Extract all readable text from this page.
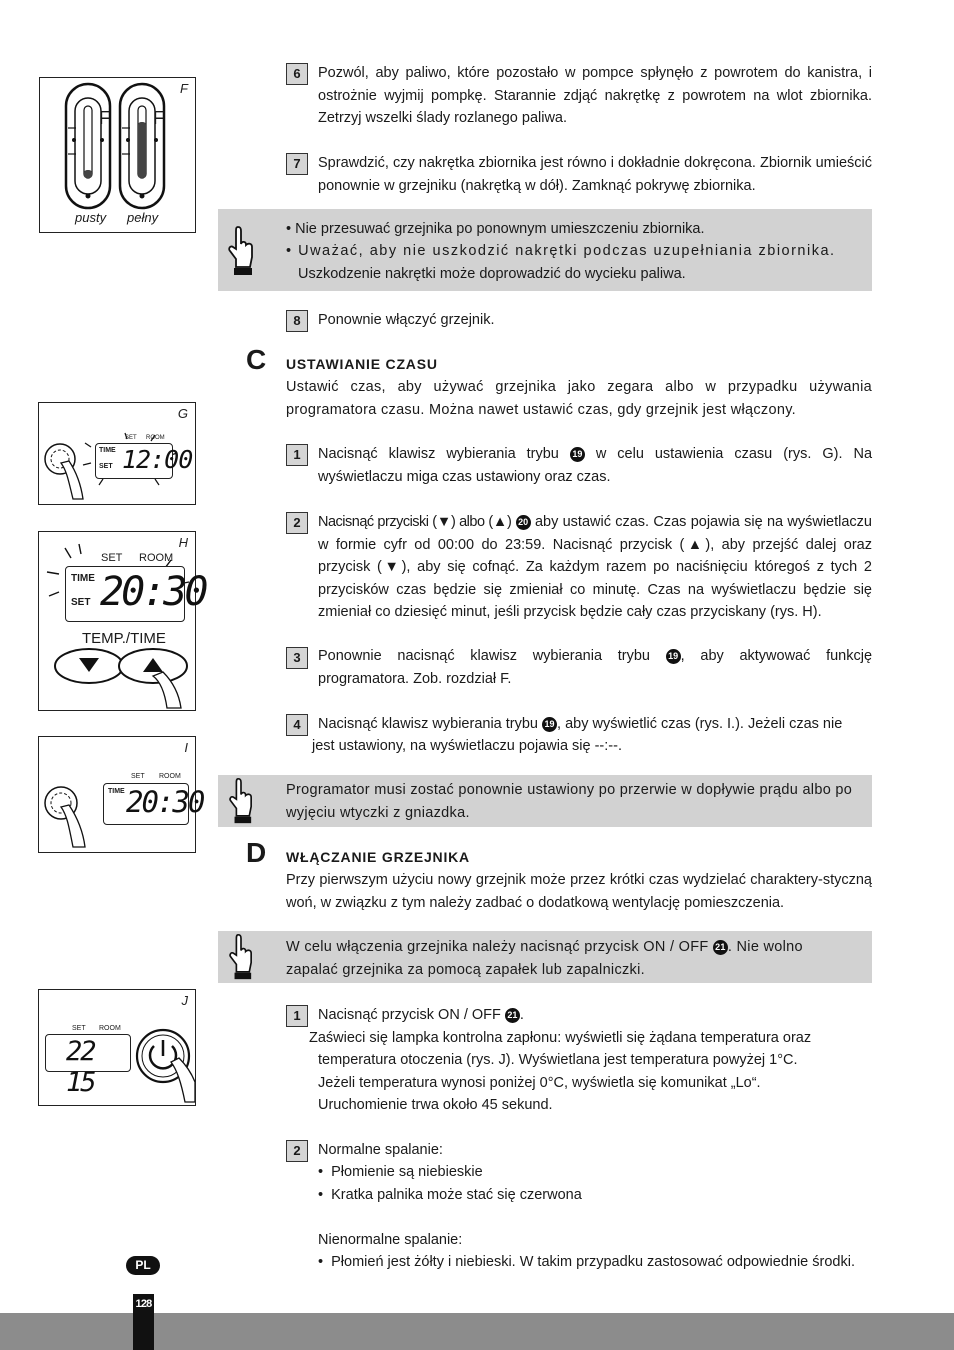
F
F F
pusty pełny
G
TIME
SET 12:00
SET ROOM
H
SET ROOM
TIME
SET 20:30
TEMP./TIME
I
SET ROOM
TIME 20:30
J
SET ROOM
22 15
6	Pozwól, aby paliwo, które pozostało w pompce spłynęło z powrotem do kanistra, i ostrożnie wyjmij pompkę. Starannie zdjąć nakrętkę z powrotem na wlot zbiornika. Zetrzyj wszelki ślady rozlanego paliwa.
7	Sprawdzić, czy nakrętka zbiornika jest równo i dokładnie dokręcona. Zbiornik umieścić ponownie w grzejniku (nakrętką w dół). Zamknąć pokrywę zbiornika.
• Nie przesuwać grzejnika po ponownym umieszczeniu zbiornika.
• Uważać, aby nie uszkodzić nakrętki podczas uzupełniania zbiornika.
Uszkodzenie nakrętki może doprowadzić do wycieku paliwa.
8	Ponownie włączyć grzejnik.
C USTAWIANIE CZASU
Ustawić czas, aby używać grzejnika jako zegara albo w przypadku używania programatora czasu. Można nawet ustawić czas, gdy grzejnik jest włączony.
1	Nacisnąć klawisz wybierania trybu 19 w celu ustawienia czasu (rys. G). Na wyświetlaczu miga czas ustawiony oraz czas.
2	Nacisnąć przyciski (▼) albo (▲) 20 aby ustawić czas. Czas pojawia się na wyświetlaczu w formie cyfr od 00:00 do 23:59. Nacisnąć przycisk (▲), aby przejść dalej oraz przycisk (▼), aby się cofnąć. Za każdym razem po naciśnięciu któregoś z tych 2 przycisków czas będzie się zmieniał co minutę. Czas na wyświetlaczu będzie się zmieniał co dziesięć minut, jeśli przycisk będzie cały czas przyciskany (rys. H).
3	Ponownie nacisnąć klawisz wybierania trybu 19 , aby aktywować funkcję programatora. Zob. rozdział F.
4	Nacisnąć klawisz wybierania trybu 19 , aby wyświetlić czas (rys. I.). Jeżeli czas nie
jest ustawiony, na wyświetlaczu pojawia się --:--.
Programator musi zostać ponownie ustawiony po przerwie w dopływie prądu albo po wyjęciu wtyczki z gniazdka.
D WŁĄCZANIE GRZEJNIKA
Przy pierwszym użyciu nowy grzejnik może przez krótki czas wydzielać charaktery-styczną woń, w związku z tym należy zadbać o dodatkową wentylację pomieszczenia.
W celu włączenia grzejnika należy nacisnąć przycisk ON / OFF 21 . Nie wolno zapalać grzejnika za pomocą zapałek lub zapalniczki.
1	Nacisnąć przycisk ON / OFF 21 .
Zaświeci się lampka kontrolna zapłonu: wyświetli się żądana temperatura oraz
temperatura otoczenia (rys. J). Wyświetlana jest temperatura powyżej 1°C.
Jeżeli temperatura wynosi poniżej 0°C, wyświetla się komunikat „Lo“.
Uruchomienie trwa około 45 sekund.
2	Normalne spalanie:
•  Płomienie są niebieskie
•  Kratka palnika może stać się czerwona
Nienormalne spalanie:
•  Płomień jest żółty i niebieski. W takim przypadku zastosować odpowiednie środki.
PL
128
